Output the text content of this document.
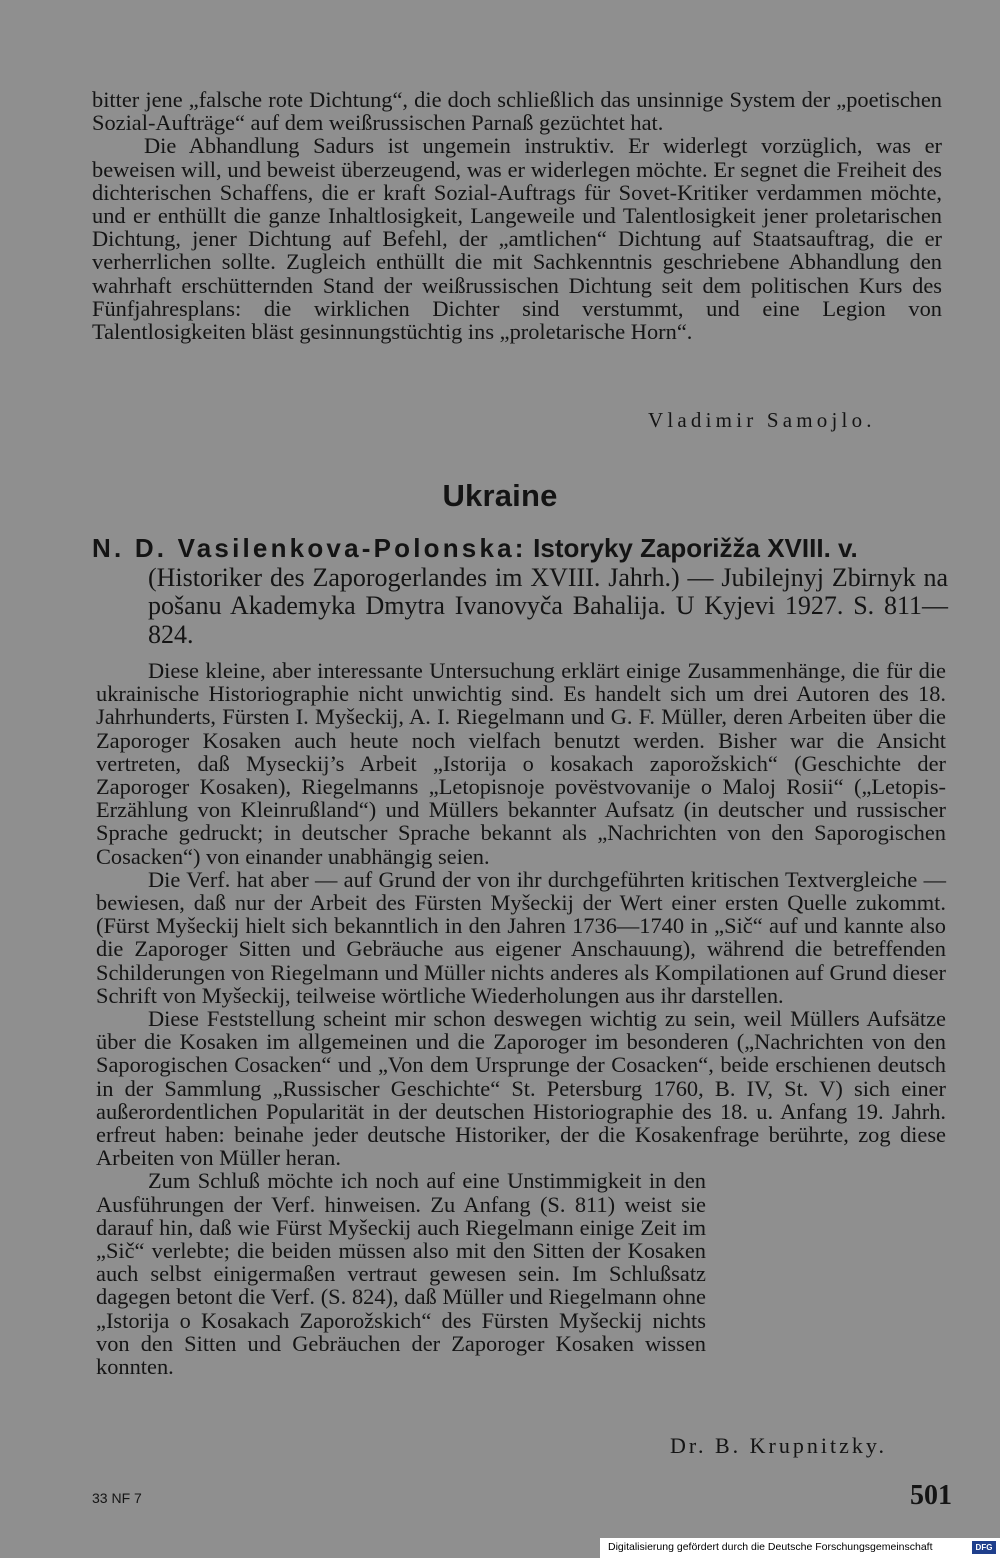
bitter jene „falsche rote Dichtung“, die doch schließlich das unsinnige System der „poetischen Sozial-Aufträge“ auf dem weißrussischen Parnaß gezüchtet hat.

Die Abhandlung Sadurs ist ungemein instruktiv. Er widerlegt vorzüglich, was er beweisen will, und beweist überzeugend, was er widerlegen möchte. Er segnet die Freiheit des dichterischen Schaffens, die er kraft Sozial-Auftrags für Sovet-Kritiker verdammen möchte, und er enthüllt die ganze Inhaltlosigkeit, Langeweile und Talentlosigkeit jener proletarischen Dichtung, jener Dichtung auf Befehl, der „amtlichen“ Dichtung auf Staatsauftrag, die er verherrlichen sollte. Zugleich enthüllt die mit Sachkenntnis geschriebene Abhandlung den wahrhaft erschütternden Stand der weißrussischen Dichtung seit dem politischen Kurs des Fünfjahresplans: die wirklichen Dichter sind verstummt, und eine Legion von Talentlosigkeiten bläst gesinnungstüchtig ins „proletarische Horn“.

Vladimir Samojlo.
Ukraine
N. D. Vasilenkova-Polonska: Istoryky Zaporižža XVIII. v.
(Historiker des Zaporogerlandes im XVIII. Jahrh.) — Jubilejnyj Zbirnyk na pošanu Akademyka Dmytra Ivanovyča Bahalija. U Kyjevi 1927. S. 811—824.

Diese kleine, aber interessante Untersuchung erklärt einige Zusammenhänge, die für die ukrainische Historiographie nicht unwichtig sind. Es handelt sich um drei Autoren des 18. Jahrhunderts, Fürsten I. Myšeckij, A. I. Riegelmann und G. F. Müller, deren Arbeiten über die Zaporoger Kosaken auch heute noch vielfach benutzt werden. Bisher war die Ansicht vertreten, daß Myseckij’s Arbeit „Istorija o kosakach zaporožskich“ (Geschichte der Zaporoger Kosaken), Riegelmanns „Letopisnoje povëstvovanije o Maloj Rosii“ („Letopis-Erzählung von Kleinrußland“) und Müllers bekannter Aufsatz (in deutscher und russischer Sprache gedruckt; in deutscher Sprache bekannt als „Nachrichten von den Saporogischen Cosacken“) von einander unabhängig seien.

Die Verf. hat aber — auf Grund der von ihr durchgeführten kritischen Textvergleiche — bewiesen, daß nur der Arbeit des Fürsten Myšeckij der Wert einer ersten Quelle zukommt. (Fürst Myšeckij hielt sich bekanntlich in den Jahren 1736—1740 in „Sič“ auf und kannte also die Zaporoger Sitten und Gebräuche aus eigener Anschauung), während die betreffenden Schilderungen von Riegelmann und Müller nichts anderes als Kompilationen auf Grund dieser Schrift von Myšeckij, teilweise wörtliche Wiederholungen aus ihr darstellen.

Diese Feststellung scheint mir schon deswegen wichtig zu sein, weil Müllers Aufsätze über die Kosaken im allgemeinen und die Zaporoger im besonderen („Nachrichten von den Saporogischen Cosacken“ und „Von dem Ursprunge der Cosacken“, beide erschienen deutsch in der Sammlung „Russischer Geschichte“ St. Petersburg 1760, B. IV, St. V) sich einer außerordentlichen Popularität in der deutschen Historiographie des 18. u. Anfang 19. Jahrh. erfreut haben: beinahe jeder deutsche Historiker, der die Kosakenfrage berührte, zog diese Arbeiten von Müller heran.

Zum Schluß möchte ich noch auf eine Unstimmigkeit in den Ausführungen der Verf. hinweisen. Zu Anfang (S. 811) weist sie darauf hin, daß wie Fürst Myšeckij auch Riegelmann einige Zeit im „Sič“ verlebte; die beiden müssen also mit den Sitten der Kosaken auch selbst einigermaßen vertraut gewesen sein. Im Schlußsatz dagegen betont die Verf. (S. 824), daß Müller und Riegelmann ohne „Istorija o Kosakach Zaporožskich“ des Fürsten Myšeckij nichts von den Sitten und Gebräuchen der Zaporoger Kosaken wissen konnten.

Dr. B. Krupnitzky.
33 NF 7	501
Digitalisierung gefördert durch die Deutsche Forschungsgemeinschaft	DFG
